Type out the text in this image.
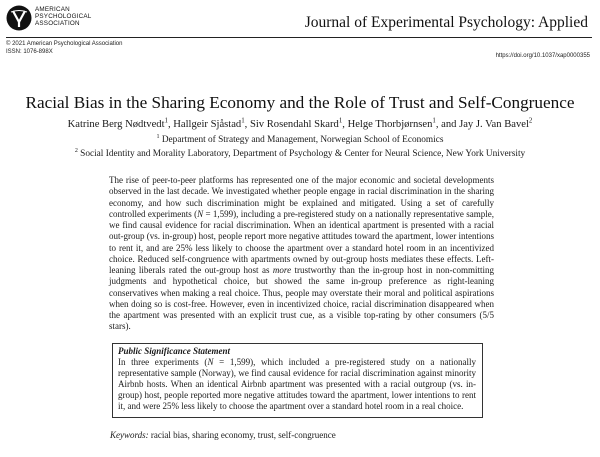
AMERICAN
PSYCHOLOGICAL
ASSOCIATION	Journal of Experimental Psychology: Applied
© 2021 American Psychological Association
ISSN: 1076-898X
https://doi.org/10.1037/xap0000355
Racial Bias in the Sharing Economy and the Role of Trust and Self-Congruence
Katrine Berg Nødtvedt$^1$, Hallgeir Sjåstad$^1$, Siv Rosendahl Skard$^1$, Helge Thorbjørnsen$^1$, and Jay J. Van Bavel$^2$
$^1$ Department of Strategy and Management, Norwegian School of Economics
$^2$ Social Identity and Morality Laboratory, Department of Psychology & Center for Neural Science, New York University

The rise of peer-to-peer platforms has represented one of the major economic and societal developments observed in the last decade. We investigated whether people engage in racial discrimination in the sharing economy, and how such discrimination might be explained and mitigated. Using a set of carefully controlled experiments (N = 1,599), including a pre-registered study on a nationally representative sample, we find causal evidence for racial discrimination. When an identical apartment is presented with a racial out-group (vs. in-group) host, people report more negative attitudes toward the apartment, lower intentions to rent it, and are 25% less likely to choose the apartment over a standard hotel room in an incentivized choice. Reduced self-congruence with apartments owned by out-group hosts mediates these effects. Left-leaning liberals rated the out-group host as more trustworthy than the in-group host in non-committing judgments and hypothetical choice, but showed the same in-group preference as right-leaning conservatives when making a real choice. Thus, people may overstate their moral and political aspirations when doing so is cost-free. However, even in incentivized choice, racial discrimination disappeared when the apartment was presented with an explicit trust cue, as a visible top-rating by other consumers (5/5 stars).

Public Significance Statement

In three experiments (N = 1,599), which included a pre-registered study on a nationally representative sample (Norway), we find causal evidence for racial discrimination against minority Airbnb hosts. When an identical Airbnb apartment was presented with a racial outgroup (vs. in-group) host, people reported more negative attitudes toward the apartment, lower intentions to rent it, and were 25% less likely to choose the apartment over a standard hotel room in a real choice.

Keywords: racial bias, sharing economy, trust, self-congruence
